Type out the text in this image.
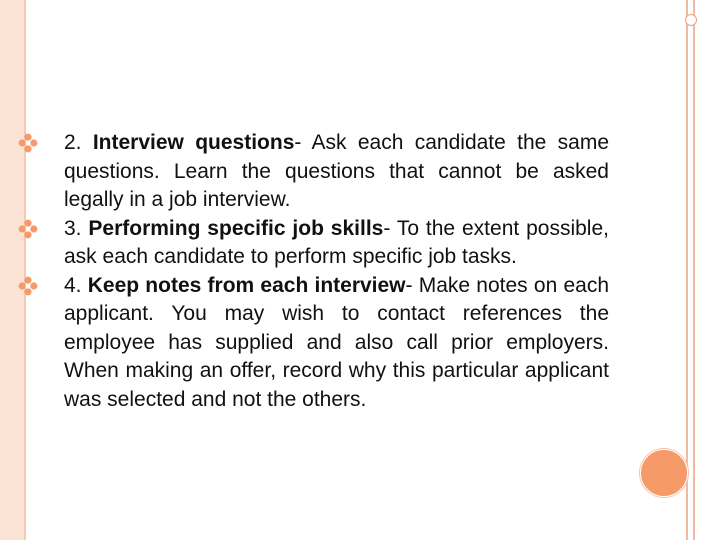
2. Interview questions- Ask each candidate the same questions. Learn the questions that cannot be asked legally in a job interview.
3. Performing specific job skills- To the extent possible, ask each candidate to perform specific job tasks.
4. Keep notes from each interview- Make notes on each applicant. You may wish to contact references the employee has supplied and also call prior employers. When making an offer, record why this particular applicant was selected and not the others.
